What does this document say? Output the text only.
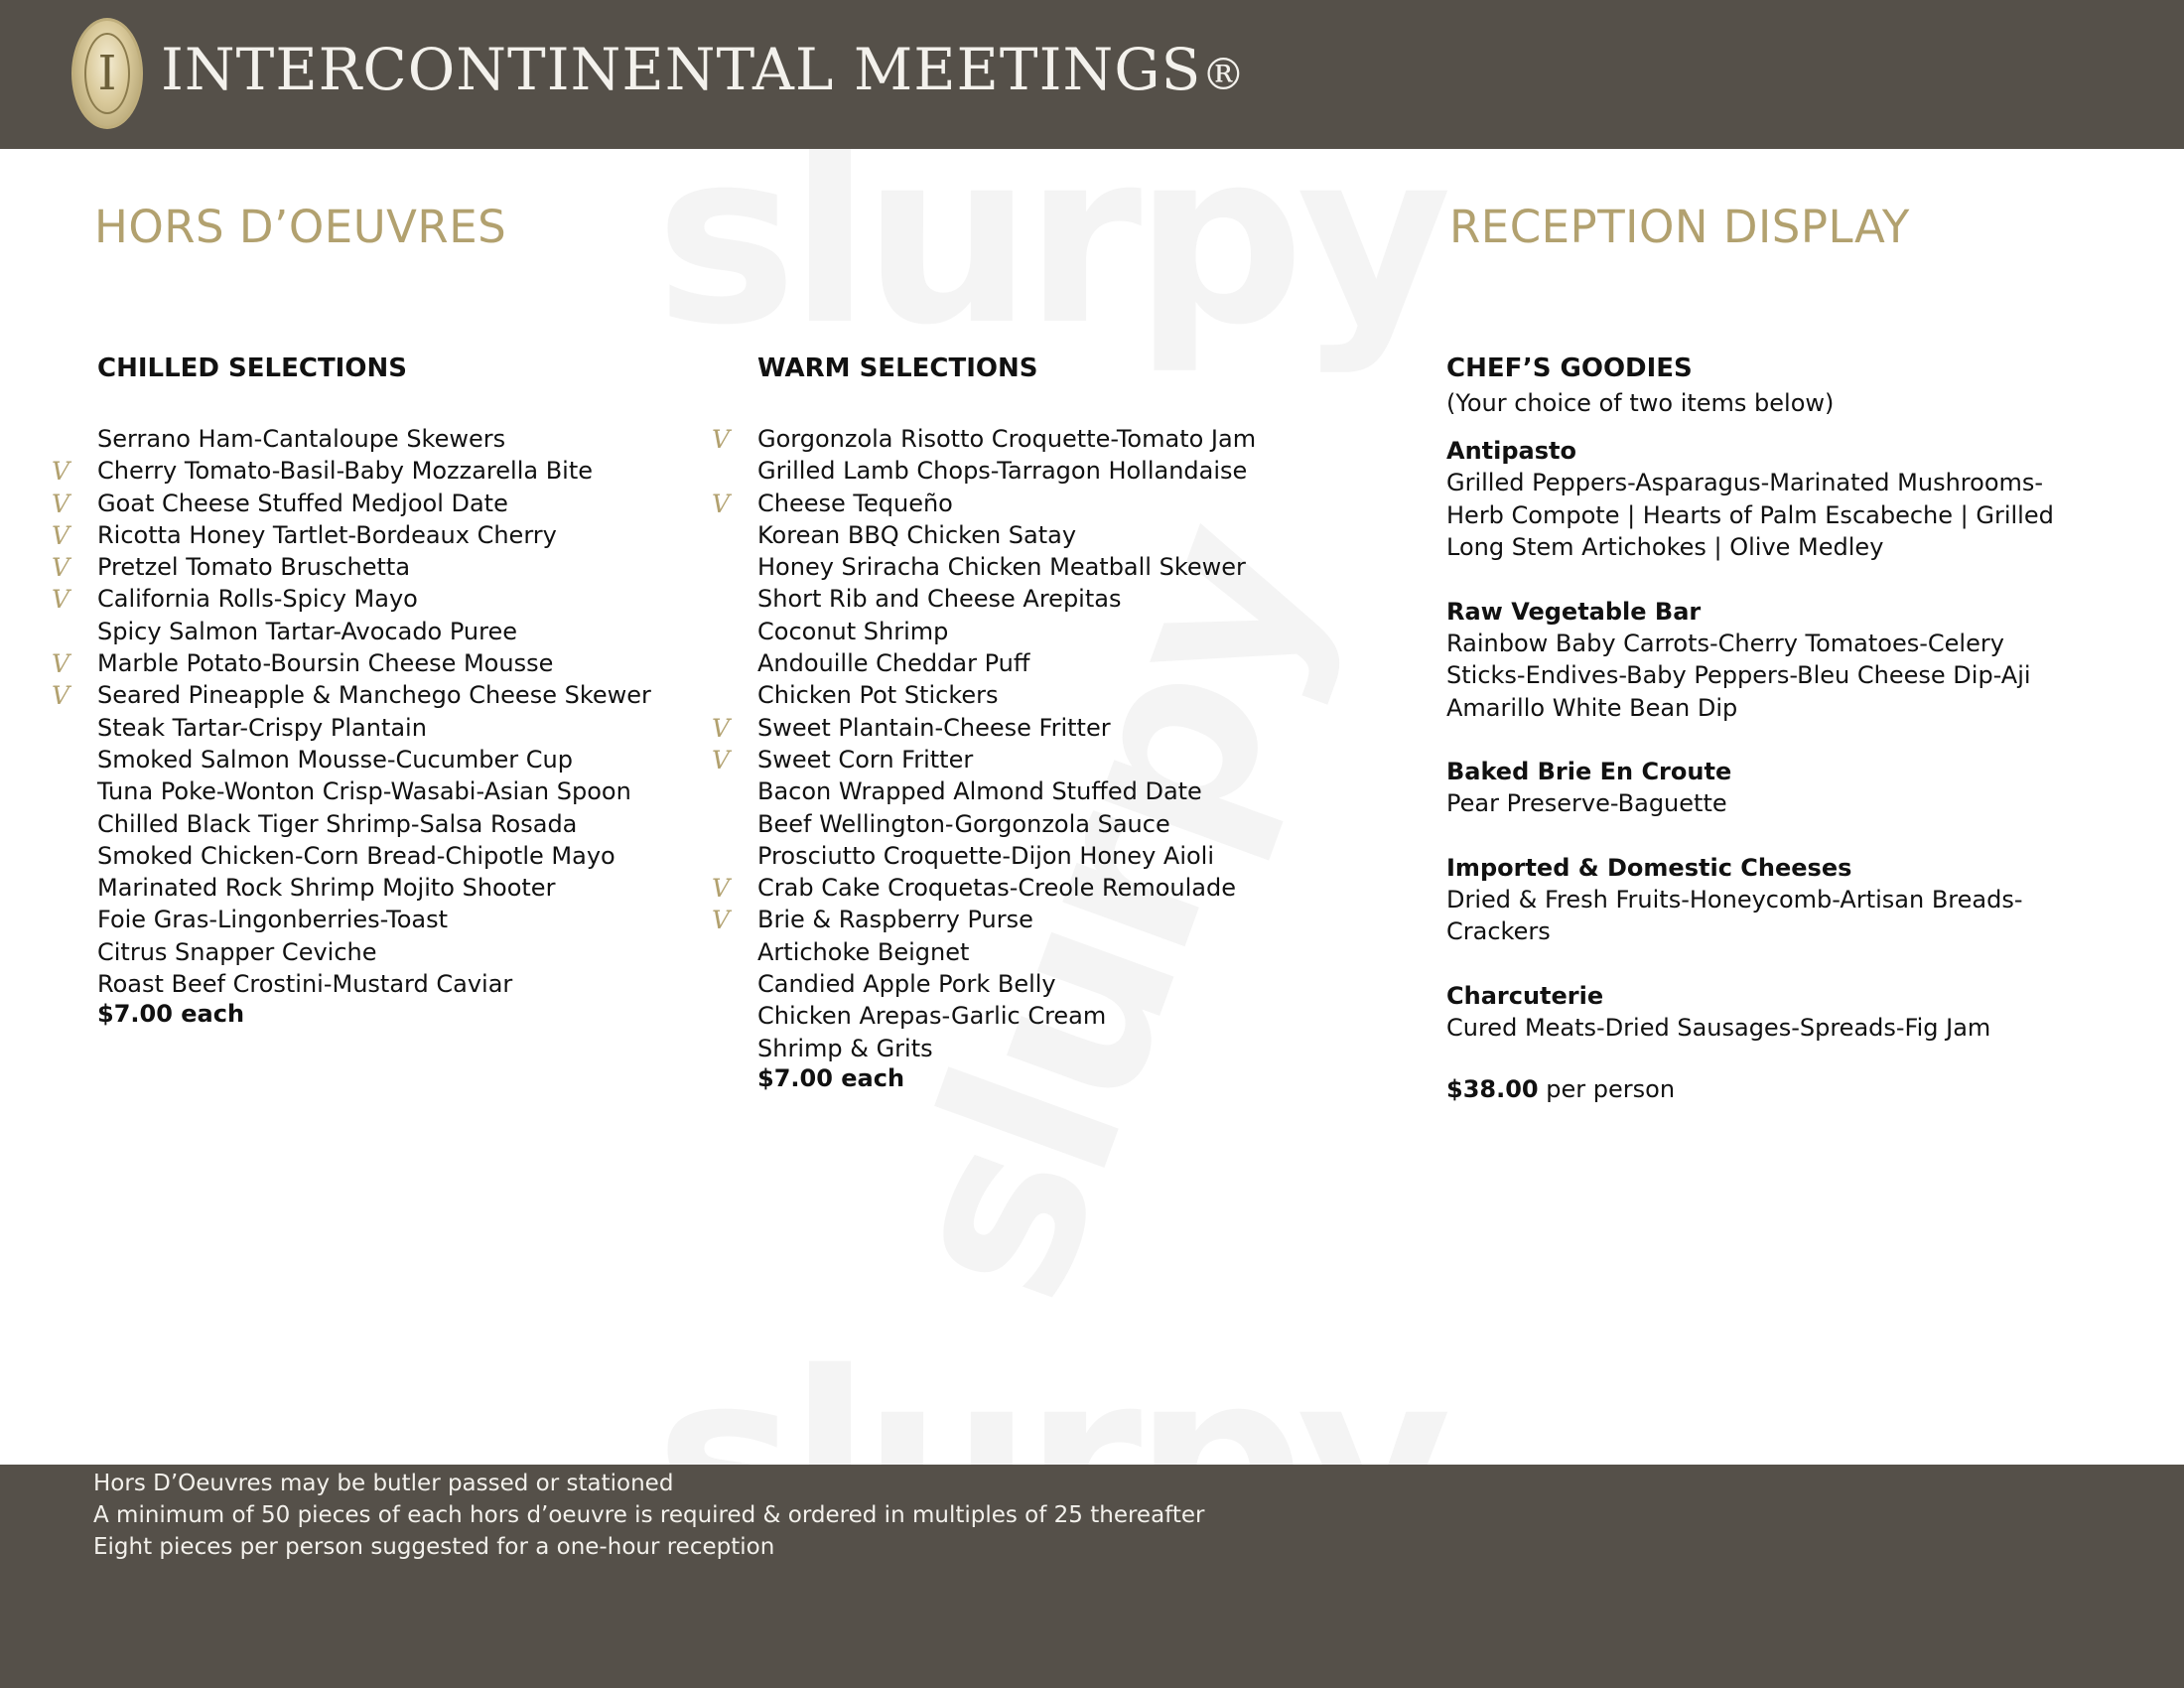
I INTERCONTINENTAL MEETINGS®
HORS D’OEUVRES	RECEPTION DISPLAY
CHILLED SELECTIONS
Serrano Ham-Cantaloupe Skewers
V Cherry Tomato-Basil-Baby Mozzarella Bite
V Goat Cheese Stuffed Medjool Date
V Ricotta Honey Tartlet-Bordeaux Cherry
V Pretzel Tomato Bruschetta
V California Rolls-Spicy Mayo
Spicy Salmon Tartar-Avocado Puree
V Marble Potato-Boursin Cheese Mousse
V Seared Pineapple & Manchego Cheese Skewer
Steak Tartar-Crispy Plantain
Smoked Salmon Mousse-Cucumber Cup
Tuna Poke-Wonton Crisp-Wasabi-Asian Spoon
Chilled Black Tiger Shrimp-Salsa Rosada
Smoked Chicken-Corn Bread-Chipotle Mayo
Marinated Rock Shrimp Mojito Shooter
Foie Gras-Lingonberries-Toast
Citrus Snapper Ceviche
Roast Beef Crostini-Mustard Caviar
$7.00 each
WARM SELECTIONS
V Gorgonzola Risotto Croquette-Tomato Jam
Grilled Lamb Chops-Tarragon Hollandaise
V Cheese Tequeño
Korean BBQ Chicken Satay
Honey Sriracha Chicken Meatball Skewer
Short Rib and Cheese Arepitas
Coconut Shrimp
Andouille Cheddar Puff
Chicken Pot Stickers
V Sweet Plantain-Cheese Fritter
V Sweet Corn Fritter
Bacon Wrapped Almond Stuffed Date
Beef Wellington-Gorgonzola Sauce
Prosciutto Croquette-Dijon Honey Aioli
V Crab Cake Croquetas-Creole Remoulade
V Brie & Raspberry Purse
Artichoke Beignet
Candied Apple Pork Belly
Chicken Arepas-Garlic Cream
Shrimp & Grits
$7.00 each
CHEF’S GOODIES
(Your choice of two items below)
Antipasto
Grilled Peppers-Asparagus-Marinated Mushrooms-
Herb Compote | Hearts of Palm Escabeche | Grilled
Long Stem Artichokes | Olive Medley
Raw Vegetable Bar
Rainbow Baby Carrots-Cherry Tomatoes-Celery
Sticks-Endives-Baby Peppers-Bleu Cheese Dip-Aji
Amarillo White Bean Dip
Baked Brie En Croute
Pear Preserve-Baguette
Imported & Domestic Cheeses
Dried & Fresh Fruits-Honeycomb-Artisan Breads-
Crackers
Charcuterie
Cured Meats-Dried Sausages-Spreads-Fig Jam
$38.00 per person
Hors D’Oeuvres may be butler passed or stationed
A minimum of 50 pieces of each hors d’oeuvre is required & ordered in multiples of 25 thereafter
Eight pieces per person suggested for a one-hour reception
